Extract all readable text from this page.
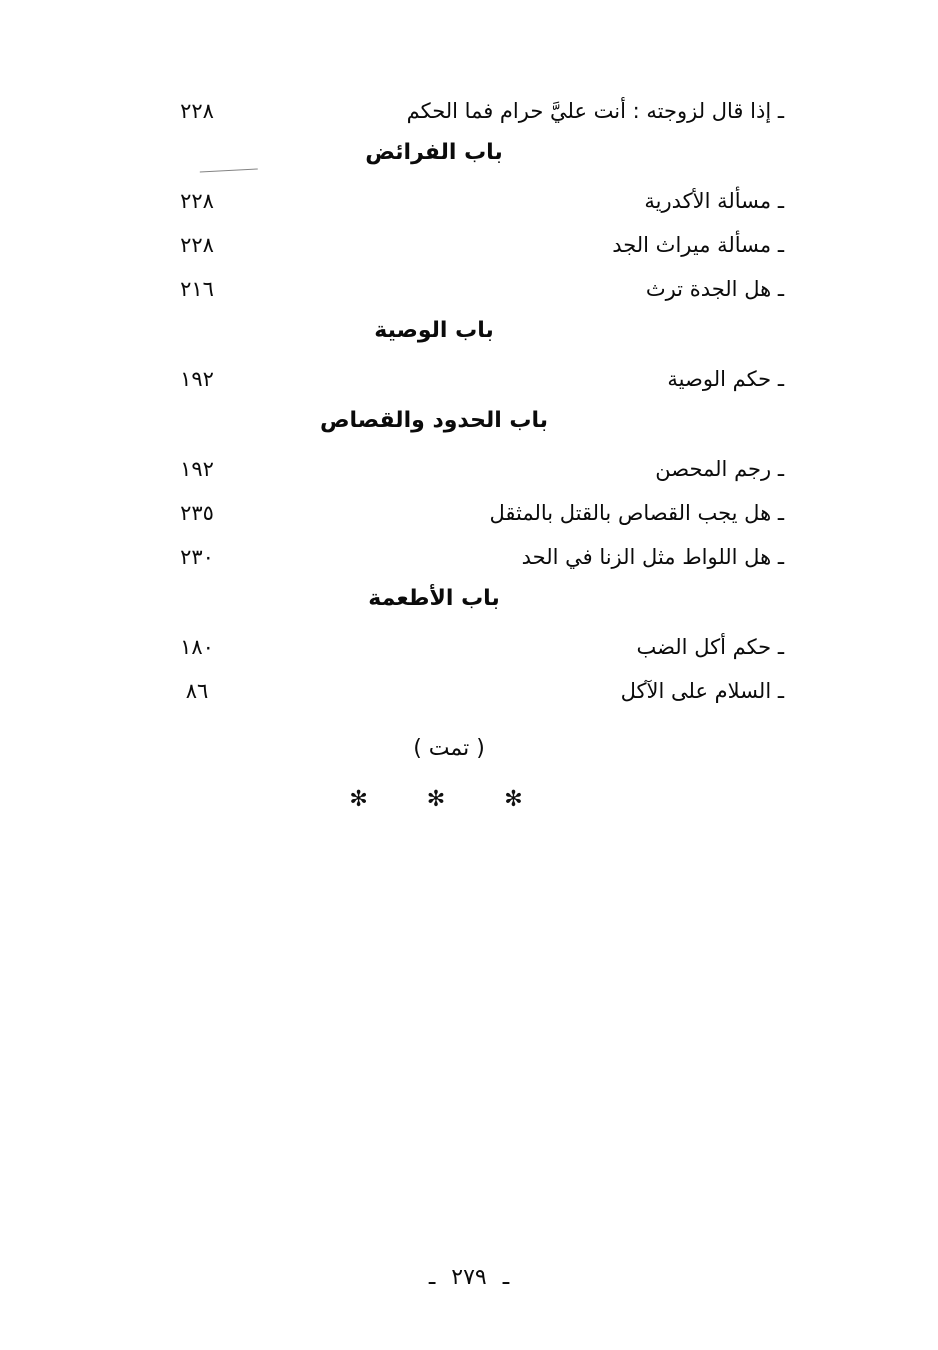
ـ إذا قال لزوجته : أنت عليَّ حرام فما الحكم
٢٢٨
باب الفرائض
ـ مسألة الأكدرية
٢٢٨
ـ مسألة ميراث الجد
٢٢٨
ـ هل الجدة ترث
٢١٦
باب الوصية
ـ حكم الوصية
١٩٢
باب الحدود والقصاص
ـ رجم المحصن
١٩٢
ـ هل يجب القصاص بالقتل بالمثقل
٢٣٥
ـ هل اللواط مثل الزنا في الحد
٢٣٠
باب الأطعمة
ـ حكم أكل الضب
١٨٠
ـ السلام على الآكل
٨٦
( تمت )
✻ ✻ ✻
ـ٢٧٩ـ
